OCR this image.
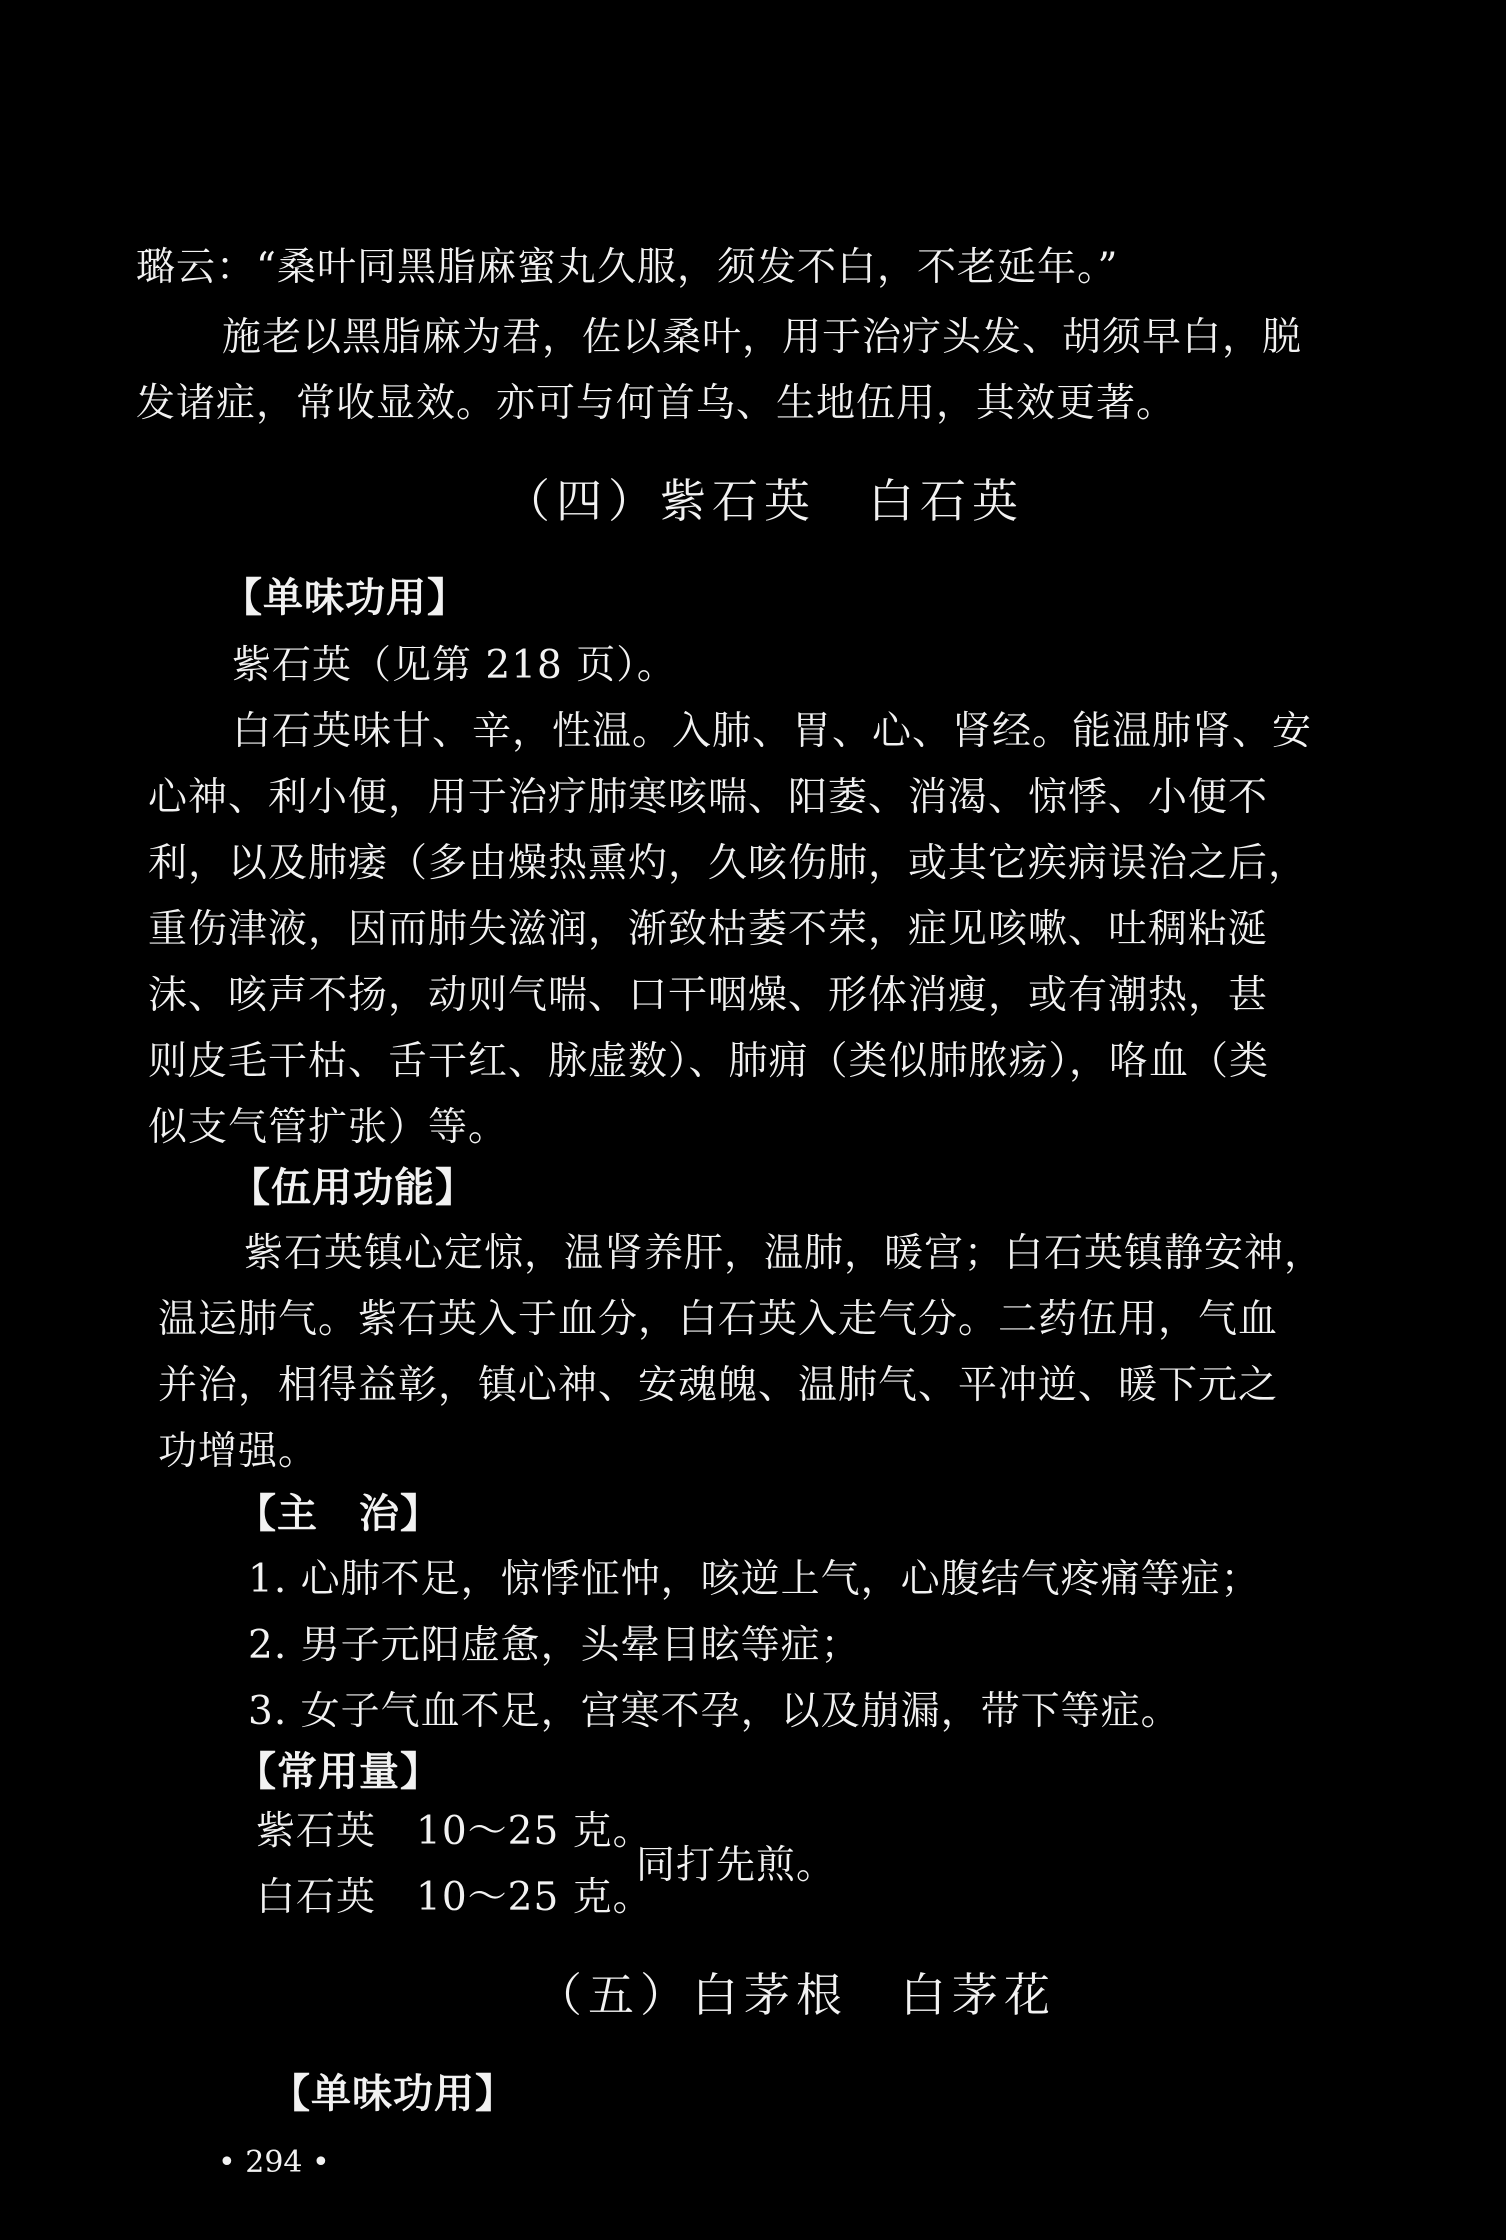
璐云：“桑叶同黑脂麻蜜丸久服，须发不白，不老延年。”
施老以黑脂麻为君，佐以桑叶，用于治疗头发、胡须早白，脱
发诸症，常收显效。亦可与何首乌、生地伍用，其效更著。
（四）紫石英　白石英
【单味功用】
紫石英（见第 218 页）。
白石英味甘、辛，性温。入肺、胃、心、肾经。能温肺肾、安
心神、利小便，用于治疗肺寒咳喘、阳萎、消渴、惊悸、小便不
利，以及肺痿（多由燥热熏灼，久咳伤肺，或其它疾病误治之后，
重伤津液，因而肺失滋润，渐致枯萎不荣，症见咳嗽、吐稠粘涎
沫、咳声不扬，动则气喘、口干咽燥、形体消瘦，或有潮热，甚
则皮毛干枯、舌干红、脉虚数）、肺痈（类似肺脓疡），咯血（类
似支气管扩张）等。
【伍用功能】
紫石英镇心定惊，温肾养肝，温肺，暖宫；白石英镇静安神，
温运肺气。紫石英入于血分，白石英入走气分。二药伍用，气血
并治，相得益彰，镇心神、安魂魄、温肺气、平冲逆、暖下元之
功增强。
【主　治】
1. 心肺不足，惊悸怔忡，咳逆上气，心腹结气疼痛等症；
2. 男子元阳虚惫，头晕目眩等症；
3. 女子气血不足，宫寒不孕，以及崩漏，带下等症。
【常用量】
紫石英　10～25 克。
白石英　10～25 克。
同打先煎。
（五）白茅根　白茅花
【单味功用】
• 294 •
